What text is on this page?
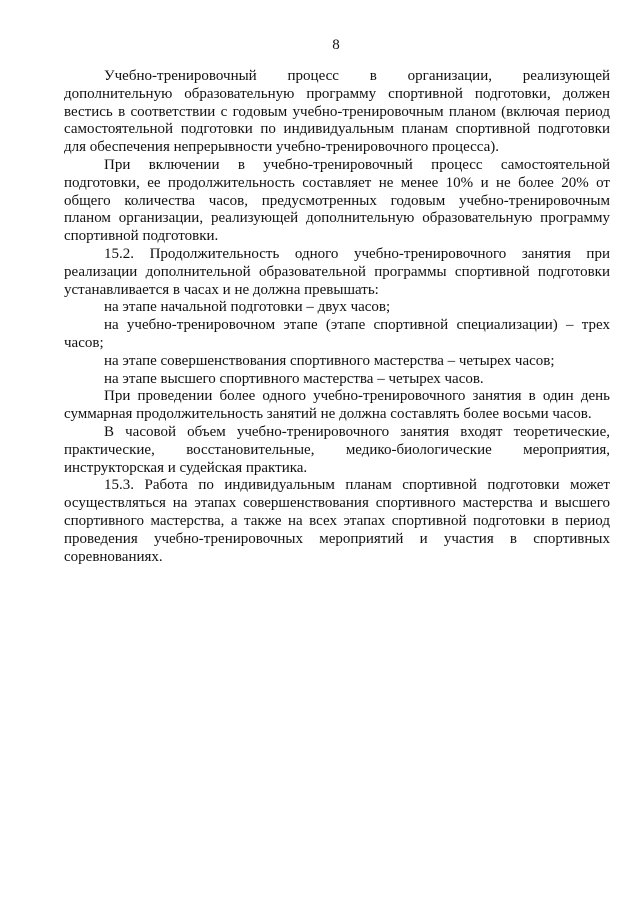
8

Учебно-тренировочный процесс в организации, реализующей дополнительную образовательную программу спортивной подготовки, должен вестись в соответствии с годовым учебно-тренировочным планом (включая период самостоятельной подготовки по индивидуальным планам спортивной подготовки для обеспечения непрерывности учебно-тренировочного процесса).

При включении в учебно-тренировочный процесс самостоятельной подготовки, ее продолжительность составляет не менее 10% и не более 20% от общего количества часов, предусмотренных годовым учебно-тренировочным планом организации, реализующей дополнительную образовательную программу спортивной подготовки.

15.2. Продолжительность одного учебно-тренировочного занятия при реализации дополнительной образовательной программы спортивной подготовки устанавливается в часах и не должна превышать:

на этапе начальной подготовки – двух часов;

на учебно-тренировочном этапе (этапе спортивной специализации) – трех часов;

на этапе совершенствования спортивного мастерства – четырех часов;

на этапе высшего спортивного мастерства – четырех часов.

При проведении более одного учебно-тренировочного занятия в один день суммарная продолжительность занятий не должна составлять более восьми часов.

В часовой объем учебно-тренировочного занятия входят теоретические, практические, восстановительные, медико-биологические мероприятия, инструкторская и судейская практика.

15.3. Работа по индивидуальным планам спортивной подготовки может осуществляться на этапах совершенствования спортивного мастерства и высшего спортивного мастерства, а также на всех этапах спортивной подготовки в период проведения учебно-тренировочных мероприятий и участия в спортивных соревнованиях.
